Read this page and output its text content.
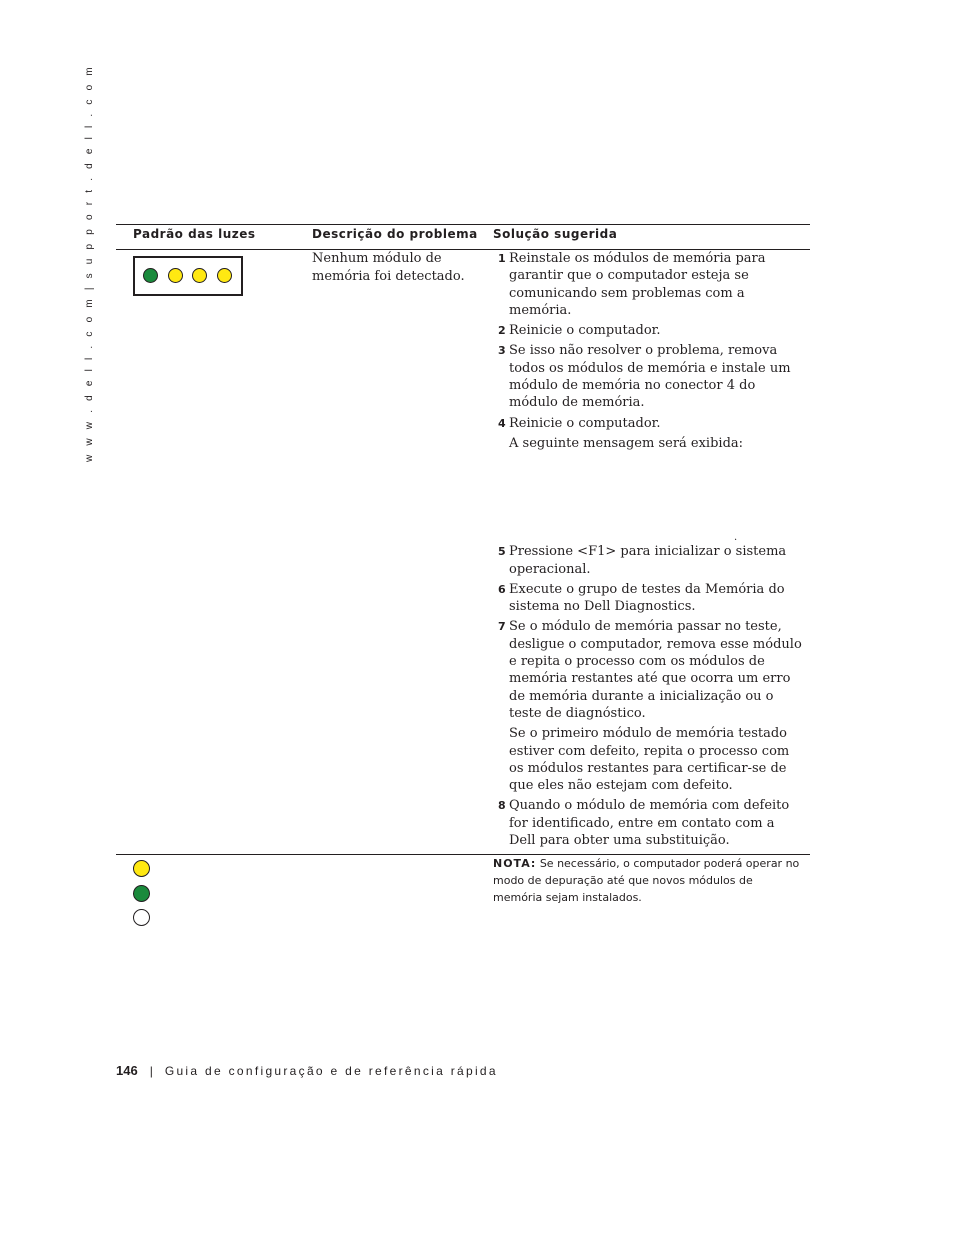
w w w . d e l l . c o m | s u p p o r t . d e l l . c o m	Padrão das luzes	Descrição do problema Solução sugerida
Nenhum módulo de memória foi detectado.
1 Reinstale os módulos de memória para garantir que o computador esteja se comunicando sem problemas com a memória.
2 Reinicie o computador.
3 Se isso não resolver o problema, remova todos os módulos de memória e instale um módulo de memória no conector 4 do módulo de memória.
4 Reinicie o computador.
A seguinte mensagem será exibida:
.
5 Pressione <F1> para inicializar o sistema operacional.
6 Execute o grupo de testes da Memória do sistema no Dell Diagnostics.
7 Se o módulo de memória passar no teste, desligue o computador, remova esse módulo e repita o processo com os módulos de memória restantes até que ocorra um erro de memória durante a inicialização ou o teste de diagnóstico.
Se o primeiro módulo de memória testado estiver com defeito, repita o processo com os módulos restantes para certificar-se de que eles não estejam com defeito.
8 Quando o módulo de memória com defeito for identificado, entre em contato com a Dell para obter uma substituição.
NOTA: Se necessário, o computador poderá operar no modo de depuração até que novos módulos de memória sejam instalados.
146 | Guia de configuração e de referência rápida
